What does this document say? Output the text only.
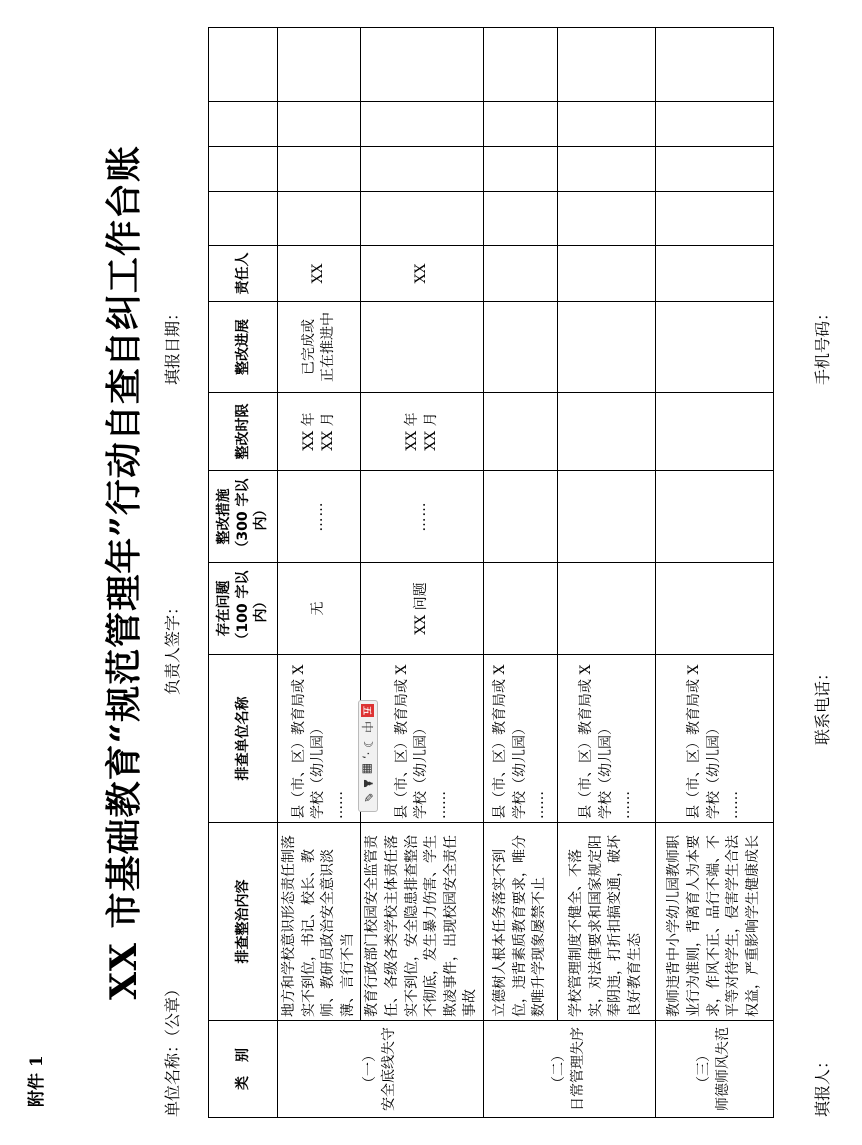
附件 1
XX 市基础教育“规范管理年”行动自查自纠工作台账
单位名称：（公章）
负责人签字：
填报日期：
类　别	排查整治内容	排查单位名称	存在问题 （100 字以内）	整改措施 （300 字以内）	整改时限	整改进展	责任人				

（一） 安全底线失守	地方和学校意识形态责任制落实不到位，书记、校长、教师、教研员政治安全意识淡薄、言行不当	县（市、区）教育局或 X 学校（幼儿园） ……	无	……	XX 年 XX 月	已完成或 正在推进中	XX				
	教育行政部门校园安全监管责任、各级各类学校主体责任落实不到位，安全隐患排查整治不彻底，发生暴力伤害、学生欺凌事件，出现校园安全责任事故	县（市、区）教育局或 X 学校（幼儿园） ……	XX 问题	……	XX 年 XX 月		XX				

（二） 日常管理失序	立德树人根本任务落实不到位，违背素质教育要求，唯分数唯升学现象屡禁不止	县（市、区）教育局或 X 学校（幼儿园） ……									

	学校管理制度不健全、不落实，对法律要求和国家规定阳奉阴违，打折扣搞变通，破坏良好教育生态	县（市、区）教育局或 X 学校（幼儿园） ……									

（三） 师德师风失范	教师违背中小学幼儿园教师职业行为准则，背离育人为本要求，作风不正、品行不端、不平等对待学生，侵害学生合法权益，严重影响学生健康成长	县（市、区）教育局或 X 学校（幼儿园） ……									

填报人：
联系电话：
手机号码：
五
中
☽ ·, ▦ ♟ ✎
